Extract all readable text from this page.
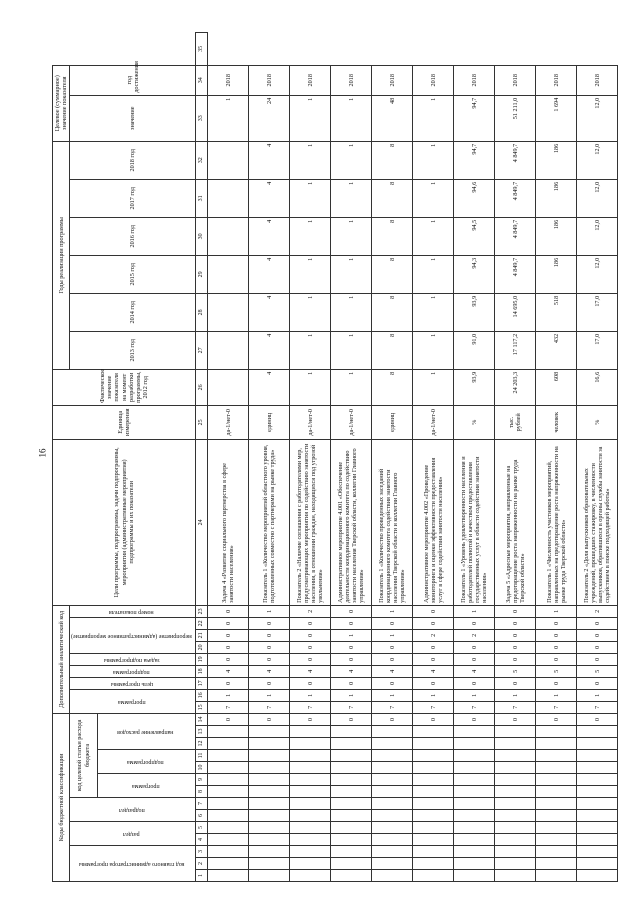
16
Коды бюджетной классификации														Дополнительный аналитический код									Цели программы, подпрограммы, задачи подпрограммы, мероприятия (административные мероприятия) подпрограммы и их показатели	Единица измерения	Фактическое значение показателя на момент разработки программы, 2012 год	Годы реализации программы						Целевое (суммарное) значение показателя		
код главного администратора программы			раздел		подраздел		код целевой статьи расхода бюджета							программа		цель программы	подпрограмма	задача подпрограммы	мероприятие (административное мероприятие)			номер показателя				2013 год	2014 год	2015 год	2016 год	2017 год	2018 год	значение	год достижения	
							программа		подпрограмма		направление расходов																							
1	2	3	4	5	6	7	8	9	10	11	12	13	14	15	16	17	18	19	20	21	22	23	24	25	26	27	28	29	30	31	32	33	34	35
													0	7	1	0	4	0	0	0	0	0	Задача 4 «Развитие социального партнерства в сфере занятости населения»	да-1/нет-0								1	2018	
													0	7	1	0	4	0	0	0	0	1	Показатель 1 «Количество мероприятий областного уровня, подготовленных совместно с партнерами на рынке труда»	единиц	4	4	4	4	4	4	4	24	2018	
													0	7	1	0	4	0	0	0	0	2	Показатель 2 «Наличие соглашения с работодателями мер, предусматривающих мероприятия по содействию занятости населения, в отношении граждан, находящихся под угрозой увольнения»	да-1/нет-0	1	1	1	1	1	1	1	1	2018	
													0	7	1	0	4	0	0	1	0	0	Административное мероприятие 4.001 «Обеспечение деятельности координационного комитета по содействию занятости населения Тверской области, коллегии Главного управления»	да-1/нет-0	1	1	1	1	1	1	1	1	2018	
													0	7	1	0	4	0	0	1	0	1	Показатель 1 «Количество проведенных заседаний координационного комитета содействия занятости населения Тверской области и коллегии Главного управления»	единиц	8	8	8	8	8	8	8	48	2018	
													0	7	1	0	4	0	0	2	0	0	Административное мероприятие 4.002 «Проведение мониторинга и оценки эффективности предоставления услуг в сфере содействия занятости населения»	да-1/нет-0	1	1	1	1	1	1	1	1	2018	
													0	7	1	0	4	0	0	2	0	1	Показатель 1 «Уровень удовлетворенности населения и работодателей полнотой и качеством предоставления государственных услуг в области содействия занятости населения»	%	93,9	91,0	93,9	94,3	94,5	94,6	94,7	94,7	2018	
													0	7	1	0	5	0	0	0	0	0	Задача 5 «Адресные мероприятия, направленные на предотвращение роста напряженности на рынке труда Тверской области»	тыс. рублей	24 203,3	17 117,2	14 695,0	4 849,7	4 849,7	4 849,7	4 849,7	51 211,0	2018	
													0	7	1	0	5	0	0	0	0	1	Показатель 1 «Численность участников мероприятий, направленных на предотвращение роста напряженности на рынке труда Тверской области»	человек	608	432	518	186	186	186	186	1 694	2018	
													0	7	1	0	5	0	0	0	0	2	Показатель 2 «Доля выпускников образовательных учреждений, прошедших стажировку, в численности выпускников, обратившихся в органы службы занятости за содействием в поиске подходящей работы»	%	16,6	17,0	17,0	12,0	12,0	12,0	12,0	12,0	2018	
